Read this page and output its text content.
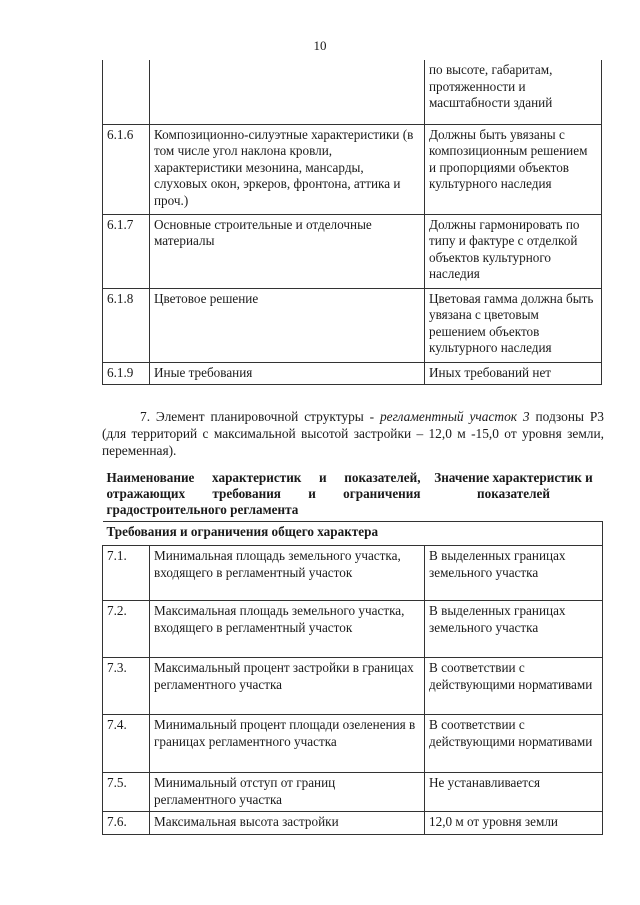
10
		по высоте, габаритам, протяженности и масштабности зданий
6.1.6	Композиционно-силуэтные характеристики (в том числе угол наклона кровли, характеристики мезонина, мансарды, слуховых окон, эркеров, фронтона, аттика и проч.)	Должны быть увязаны с композиционным решением и пропорциями объектов культурного наследия
6.1.7	Основные строительные и отделочные материалы	Должны гармонировать по типу и фактуре с отделкой объектов культурного наследия
6.1.8	Цветовое решение	Цветовая гамма должна быть увязана с цветовым решением объектов культурного наследия
6.1.9	Иные требования	Иных требований нет
7. Элемент планировочной структуры - регламентный участок 3 подзоны Р3 (для территорий с максимальной высотой застройки – 12,0 м -15,0 от уровня земли, переменная).
Наименование характеристик и показателей, отражающих требования и ограничения градостроительного регламента		Значение характеристик и показателей
Требования и ограничения общего характера		
7.1.	Минимальная площадь земельного участка, входящего в регламентный участок	В выделенных границах земельного участка
7.2.	Максимальная площадь земельного участка, входящего в регламентный участок	В выделенных границах земельного участка
7.3.	Максимальный процент застройки в границах регламентного участка	В соответствии с действующими нормативами
7.4.	Минимальный процент площади озеленения в границах регламентного участка	В соответствии с действующими нормативами
7.5.	Минимальный отступ от границ регламентного участка	Не устанавливается
7.6.	Максимальная высота застройки	12,0 м от уровня земли
